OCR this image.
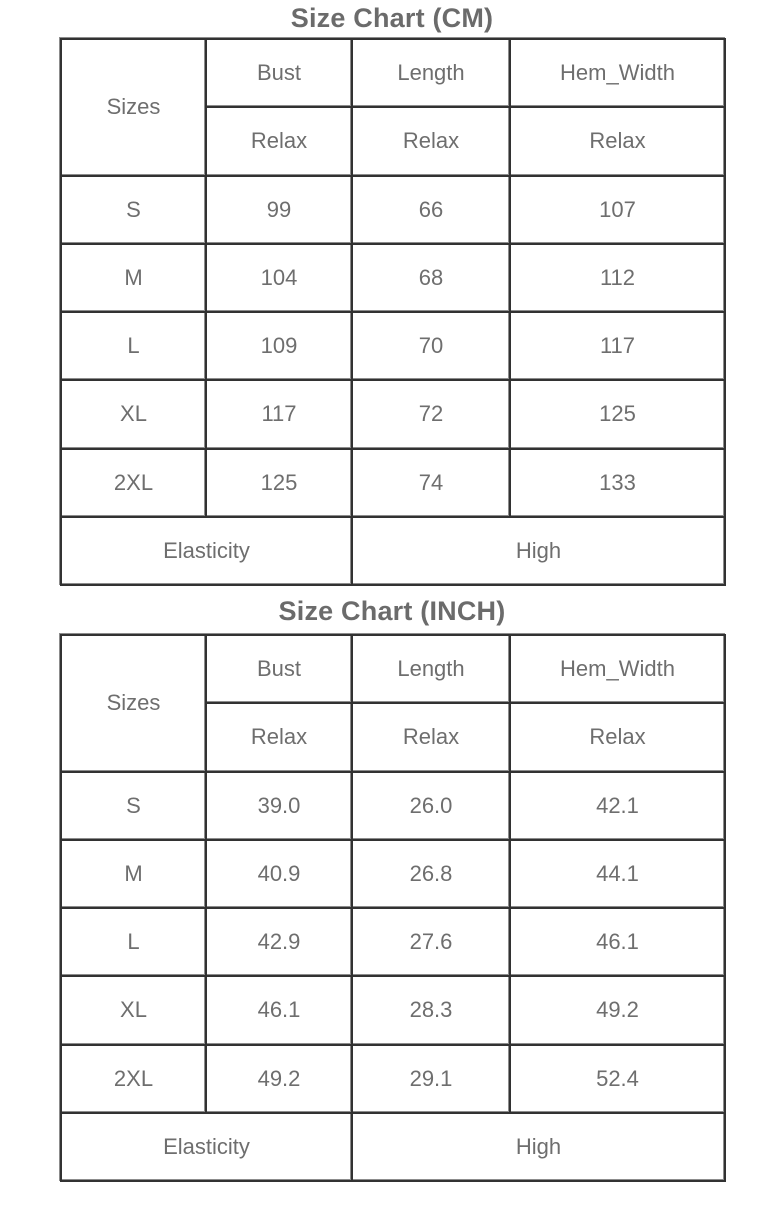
Size Chart (CM)
Sizes	Bust	Length	Hem_Width
	Relax	Relax	Relax
S	99	66	107
M	104	68	112
L	109	70	117
XL	117	72	125
2XL	125	74	133
Elasticity		High	
Size Chart (INCH)
Sizes	Bust	Length	Hem_Width
	Relax	Relax	Relax
S	39.0	26.0	42.1
M	40.9	26.8	44.1
L	42.9	27.6	46.1
XL	46.1	28.3	49.2
2XL	49.2	29.1	52.4
Elasticity		High	
